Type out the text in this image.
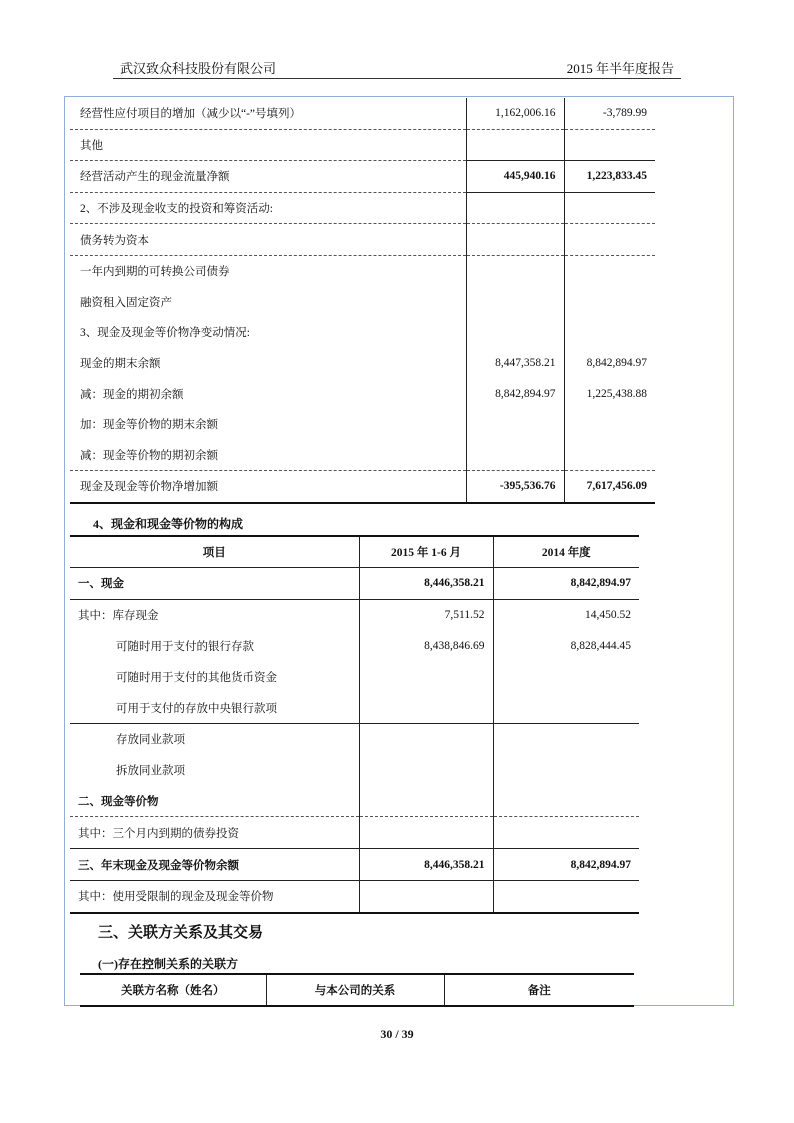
武汉致众科技股份有限公司	2015 年半年度报告
经营性应付项目的增加（减少以“-”号填列）	1,162,006.16	-3,789.99
其他		
经营活动产生的现金流量净额	445,940.16	1,223,833.45
2、不涉及现金收支的投资和筹资活动:		
债务转为资本		
一年内到期的可转换公司债券		
融资租入固定资产		
3、现金及现金等价物净变动情况:		
现金的期末余额	8,447,358.21	8,842,894.97
减：现金的期初余额	8,842,894.97	1,225,438.88
加：现金等价物的期末余额		
减：现金等价物的期初余额		
现金及现金等价物净增加额	-395,536.76	7,617,456.09
4、现金和现金等价物的构成
项目	2015 年 1-6 月	2014 年度
一、现金	8,446,358.21	8,842,894.97
其中：库存现金	7,511.52	14,450.52
可随时用于支付的银行存款	8,438,846.69	8,828,444.45
可随时用于支付的其他货币资金		
可用于支付的存放中央银行款项		
存放同业款项		
拆放同业款项		
二、现金等价物		
其中：三个月内到期的债券投资		
三、年末现金及现金等价物余额	8,446,358.21	8,842,894.97
其中：使用受限制的现金及现金等价物		
三、关联方关系及其交易
(一)存在控制关系的关联方
关联方名称（姓名）	与本公司的关系	备注
30 / 39
